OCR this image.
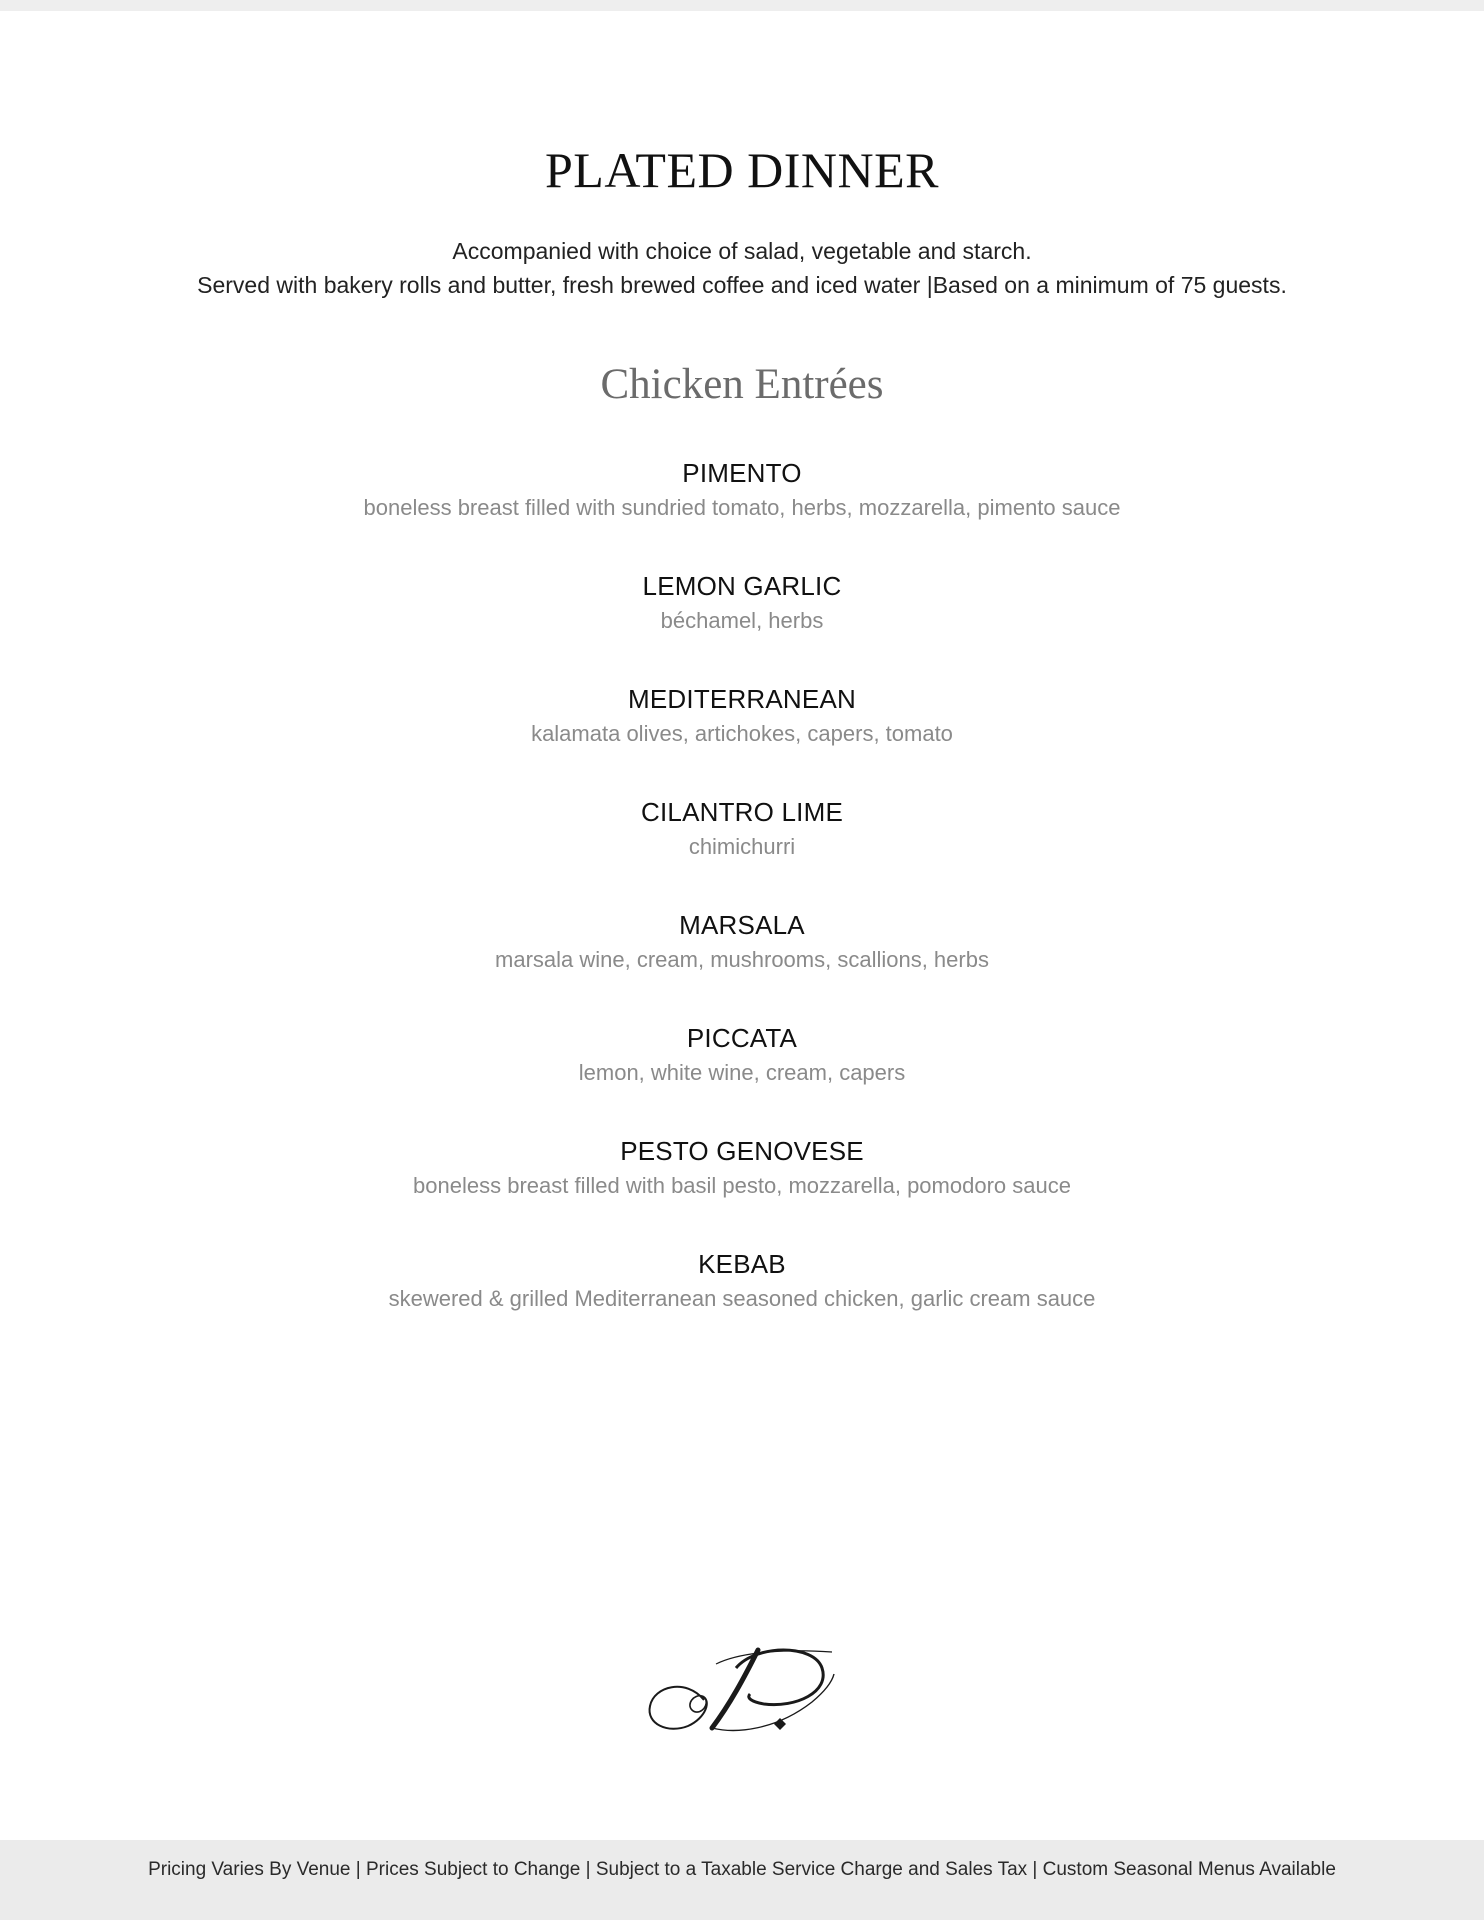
PLATED DINNER
Accompanied with choice of salad, vegetable and starch.
Served with bakery rolls and butter, fresh brewed coffee and iced water |Based on a minimum of 75 guests.
Chicken Entrées
PIMENTO
boneless breast filled with sundried tomato, herbs, mozzarella, pimento sauce
LEMON GARLIC
béchamel, herbs
MEDITERRANEAN
kalamata olives, artichokes, capers, tomato
CILANTRO LIME
chimichurri
MARSALA
marsala wine, cream, mushrooms, scallions, herbs
PICCATA
lemon, white wine, cream, capers
PESTO GENOVESE
boneless breast filled with basil pesto, mozzarella, pomodoro sauce
KEBAB
skewered & grilled Mediterranean seasoned chicken, garlic cream sauce
Pricing Varies By Venue | Prices Subject to Change | Subject to a Taxable Service Charge and Sales Tax | Custom Seasonal Menus Available
